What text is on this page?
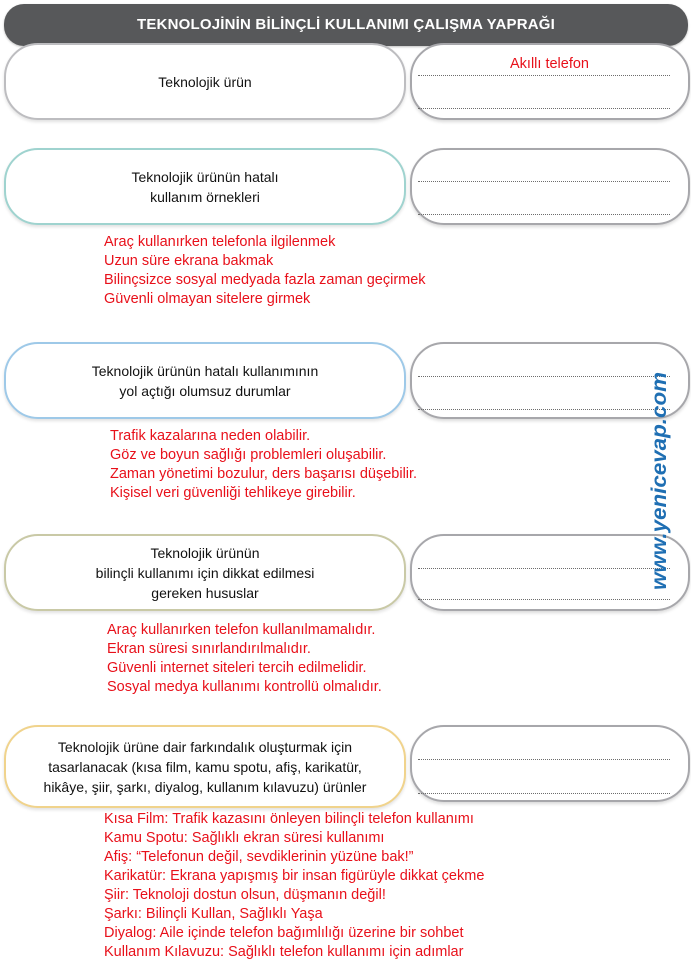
TEKNOLOJİNİN BİLİNÇLİ KULLANIMI ÇALIŞMA YAPRAĞI
Akıllı telefon
Teknolojik ürün
Teknolojik ürünün hatalı
kullanım örnekleri
Araç kullanırken telefonla ilgilenmek
Uzun süre ekrana bakmak
Bilinçsizce sosyal medyada fazla zaman geçirmek
Güvenli olmayan sitelere girmek
Teknolojik ürünün hatalı kullanımının
yol açtığı olumsuz durumlar
Trafik kazalarına neden olabilir.
Göz ve boyun sağlığı problemleri oluşabilir.
Zaman yönetimi bozulur, ders başarısı düşebilir.
Kişisel veri güvenliği tehlikeye girebilir.
Teknolojik ürünün
bilinçli kullanımı için dikkat edilmesi
gereken hususlar
Araç kullanırken telefon kullanılmamalıdır.
Ekran süresi sınırlandırılmalıdır.
Güvenli internet siteleri tercih edilmelidir.
Sosyal medya kullanımı kontrollü olmalıdır.
Teknolojik ürüne dair farkındalık oluşturmak için
tasarlanacak (kısa film, kamu spotu, afiş, karikatür,
hikâye, şiir, şarkı, diyalog, kullanım kılavuzu) ürünler
Kısa Film: Trafik kazasını önleyen bilinçli telefon kullanımı
Kamu Spotu: Sağlıklı ekran süresi kullanımı
Afiş: “Telefonun değil, sevdiklerinin yüzüne bak!”
Karikatür: Ekrana yapışmış bir insan figürüyle dikkat çekme
Şiir: Teknoloji dostun olsun, düşmanın değil!
Şarkı: Bilinçli Kullan, Sağlıklı Yaşa
Diyalog: Aile içinde telefon bağımlılığı üzerine bir sohbet
Kullanım Kılavuzu: Sağlıklı telefon kullanımı için adımlar
www.yenicevap.com
